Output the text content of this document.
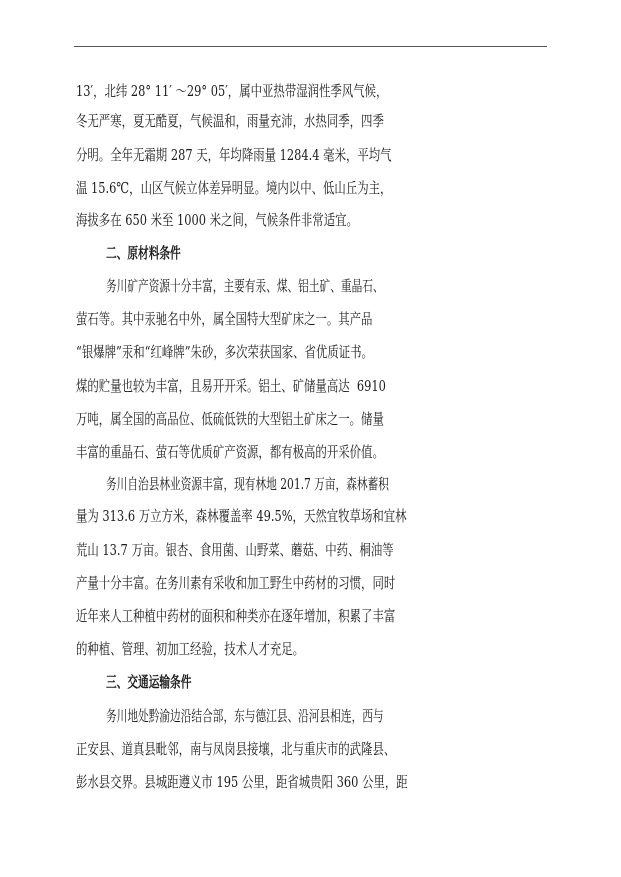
13′，北纬 28° 11′ ～29° 05′，属中亚热带湿润性季风气候，
冬无严寒，夏无酷夏，气候温和，雨量充沛，水热同季，四季
分明。全年无霜期 287 天，年均降雨量 1284.4 毫米，平均气
温 15.6℃，山区气候立体差异明显。境内以中、低山丘为主，
海拔多在 650 米至 1000 米之间，气候条件非常适宜。
二、原材料条件
务川矿产资源十分丰富，主要有汞、煤、铝土矿、重晶石、
萤石等。其中汞驰名中外，属全国特大型矿床之一。其产品
“银爆牌”汞和“红峰牌”朱砂，多次荣获国家、省优质证书。
煤的贮量也较为丰富，且易开开采。铝土、矿储量高达  6910
万吨，属全国的高品位、低硫低铁的大型铝土矿床之一。储量
丰富的重晶石、萤石等优质矿产资源，都有极高的开采价值。
务川自治县林业资源丰富，现有林地 201.7 万亩，森林蓄积
量为 313.6 万立方米，森林覆盖率 49.5%，天然宜牧草场和宜林
荒山 13.7 万亩。银杏、食用菌、山野菜、蘑菇、中药、桐油等
产量十分丰富。在务川素有采收和加工野生中药材的习惯，同时
近年来人工种植中药材的面积和种类亦在逐年增加，积累了丰富
的种植、管理、初加工经验，技术人才充足。
三、交通运输条件
务川地处黔渝边沿结合部，东与德江县、沿河县相连，西与
正安县、道真县毗邻，南与凤岗县接壤，北与重庆市的武隆县、
彭水县交界。县城距遵义市 195 公里，距省城贵阳 360 公里，距
